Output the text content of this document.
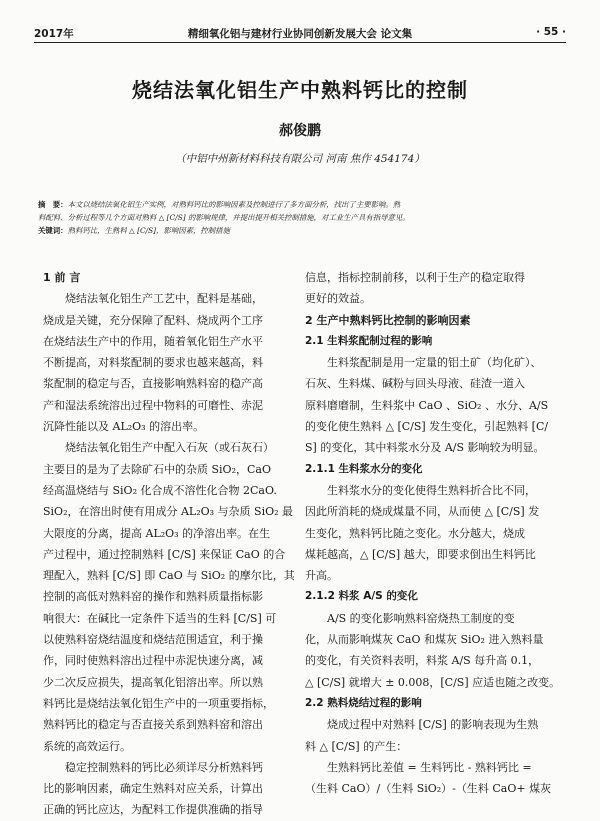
2017年	精细氧化铝与建材行业协同创新发展大会 论文集	· 55 ·
烧结法氧化铝生产中熟料钙比的控制
郝俊鹏
（中铝中州新材料科技有限公司 河南 焦作 454174）
摘　要：本文以烧结法氧化铝生产实例，对熟料钙比的影响因素及控制进行了多方面分析，找出了主要影响。熟
料配料、分析过程等几个方面对熟料 △ [C/S] 的影响规律，并提出提升相关控制措施，对工业生产具有指导意见。
关键词：熟料钙比，生熟料 △ [C/S]，影响因素，控制措施
1 前 言
　　烧结法氧化铝生产工艺中，配料是基础，
烧成是关键，充分保障了配料、烧成两个工序
在烧结法生产中的作用，随着氧化铝生产水平
不断提高，对料浆配制的要求也越来越高，料
浆配制的稳定与否，直接影响熟料窑的稳产高
产和湿法系统溶出过程中物料的可磨性、赤泥
沉降性能以及 AL₂O₃ 的溶出率。
　　烧结法氧化铝生产中配入石灰（或石灰石）
主要目的是为了去除矿石中的杂质 SiO₂，CaO
经高温烧结与 SiO₂ 化合成不溶性化合物 2CaO.
SiO₂，在溶出时使有用成分 AL₂O₃ 与杂质 SiO₂ 最
大限度的分离，提高 AL₂O₃ 的净溶出率。在生
产过程中，通过控制熟料 [C/S] 来保证 CaO 的合
理配入，熟料 [C/S] 即 CaO 与 SiO₂ 的摩尔比，其
控制的高低对熟料窑的操作和熟料质量指标影
响很大：在碱比一定条件下适当的生料 [C/S] 可
以使熟料窑烧结温度和烧结范围适宜，利于操
作，同时使熟料溶出过程中赤泥快速分离，减
少二次反应损失，提高氧化铝溶出率。所以熟
料钙比是烧结法氧化铝生产中的一项重要指标，
熟料钙比的稳定与否直接关系到熟料窑和溶出
系统的高效运行。
　　稳定控制熟料的钙比必须详尽分析熟料钙
比的影响因素，确定生熟料对应关系，计算出
正确的钙比应达，为配料工作提供准确的指导
信息，指标控制前移，以利于生产的稳定取得
更好的效益。
2 生产中熟料钙比控制的影响因素
2.1 生料浆配制过程的影响
　　生料浆配制是用一定量的铝土矿（均化矿）、
石灰、生料煤、碱粉与回头母液、硅渣一道入
原料磨磨制，生料浆中 CaO 、SiO₂ 、水分、A/S
的变化使生熟料 △ [C/S] 发生变化，引起熟料 [C/
S] 的变化，其中料浆水分及 A/S 影响较为明显。
2.1.1 生料浆水分的变化
　　生料浆水分的变化使得生熟料折合比不同，
因此所消耗的烧成煤量不同，从而使 △ [C/S] 发
生变化，熟料钙比随之变化。水分越大，烧成
煤耗越高，△ [C/S] 越大，即要求倒出生料钙比
升高。
2.1.2 料浆 A/S 的变化
　　A/S 的变化影响熟料窑烧热工制度的变
化，从而影响煤灰 CaO 和煤灰 SiO₂ 进入熟料量
的变化，有关资料表明，料浆 A/S 每升高 0.1，
△ [C/S] 就增大 ± 0.008，[C/S] 应适也随之改变。
2.2 熟料烧结过程的影响
　　烧成过程中对熟料 [C/S] 的影响表现为生熟
料 △ [C/S] 的产生：
　　生熟料钙比差值 = 生料钙比 - 熟料钙比 =
（生料 CaO）/（生料 SiO₂）-（生料 CaO+ 煤灰
